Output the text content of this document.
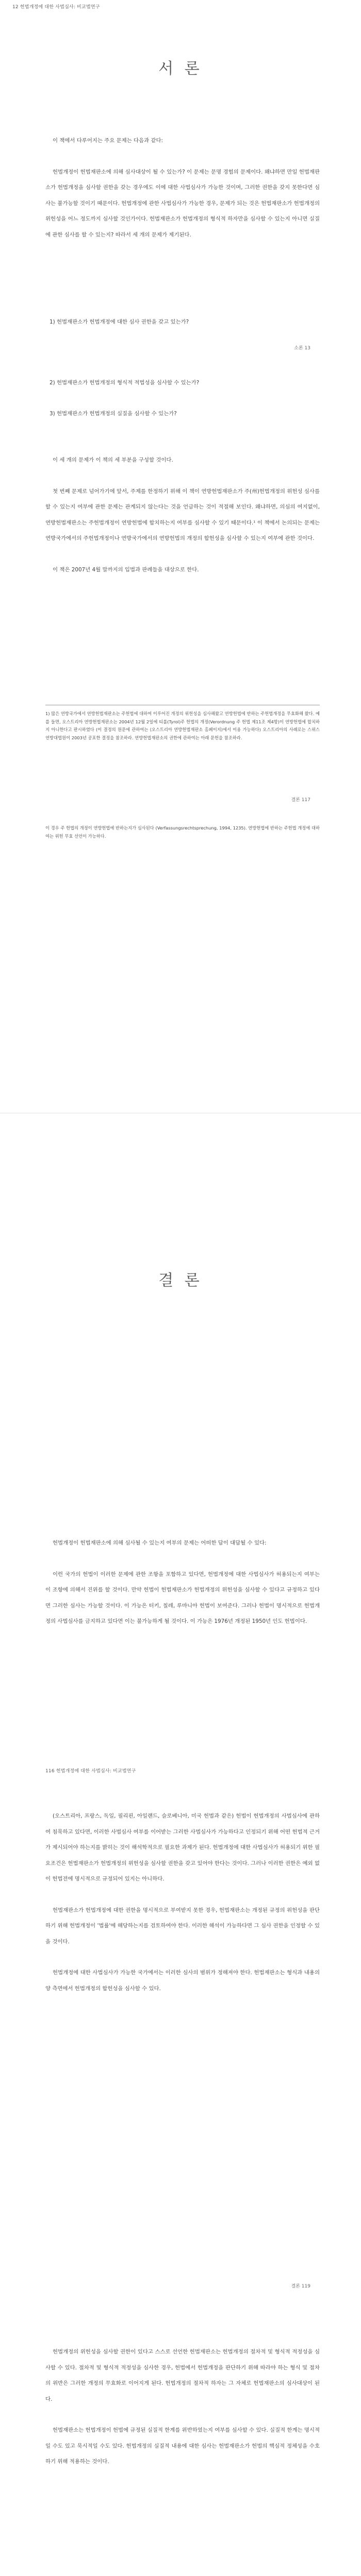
12 헌법개정에 대한 사법심사: 비교법연구
서 론

이 책에서 다루어지는 주요 문제는 다음과 같다:

헌법개정이 헌법재판소에 의해 심사대상이 될 수 있는가? 이 문제는 문명 경험의 문제이다. 왜냐하면 만일 헌법재판소가 헌법개정을 심사할 권한을 갖는 경우에도 이에 대한 사법심사가 가능한 것이며, 그러한 권한을 갖지 못한다면 심사는 불가능할 것이기 때문이다. 헌법개정에 관한 사법심사가 가능한 경우, 문제가 되는 것은 헌법재판소가 헌법개정의 위헌성을 어느 정도까지 심사할 것인가이다. 헌법재판소가 헌법개정의 형식적 하자만을 심사할 수 있는지 아니면 실질에 관한 심사를 할 수 있는지? 따라서 세 개의 문제가 제기된다.

1) 헌법재판소가 헌법개정에 대한 심사 권한을 갖고 있는가?

소론 13

2) 헌법재판소가 헌법개정의 형식적 적법성을 심사할 수 있는가?

3) 헌법재판소가 헌법개정의 실질을 심사할 수 있는가?

이 세 개의 문제가 이 책의 세 부분을 구성할 것이다.

첫 번째 문제로 넘어가기에 앞서, 주제를 한정하기 위해 이 책이 연방헌법재판소가 주(州)헌법개정의 위헌성 심사를 할 수 있는지 여부에 관한 문제는 관계되지 않는다는 것을 언급하는 것이 적절해 보인다. 왜냐하면, 의심의 여지없이, 연방헌법재판소는 주헌법개정이 연방헌법에 합치하는지 여부를 심사할 수 있기 때문이다.¹ 이 책에서 논의되는 문제는 연방국가에서의 주헌법개정이나 연방국가에서의 연방헌법의 개정의 합헌성을 심사할 수 있는지 여부에 관한 것이다.

이 책은 2007년 4월 말까지의 입법과 판례들을 대상으로 한다.

1) 많은 연방국가에서 연방헌법재판소는 주헌법에 대하여 이루어진 개정의 위헌성을 심사해왔고 연방헌법에 반하는 주헌법개정을 무효화해 왔다. 예를 들면, 오스트리아 연방헌법재판소는 2004년 12월 2일에 티롤(Tyrol)주 헌법의 개정(Verordnung 주 헌법 제11조 제4항)이 연방헌법에 합치하지 아니한다고 판시하였다 (이 결정의 원문에 관하여는 ⟨오스트리아 연방헌법재판소 홈페이지⟩에서 이용 가능하다) 오스트리아의 사례로는 스위스 연방대법원이 2003년 공포한 결정을 참조하라. 연방헌법재판소의 권한에 관하여는 아래 문헌을 참조하라.
결론 117
이 경우 주 헌법의 개정이 연방헌법에 반하는지가 심사된다 (Verfassungsrechtsprechung, 1994, 1235). 연방헌법에 반하는 주헌법 개정에 대하여는 위헌 무효 선언이 가능하다.
결 론

헌법개정이 헌법재판소에 의해 심사될 수 있는지 여부의 문제는 어떠한 답이 대답될 수 있다:

이런 국가의 헌법이 이러한 문제에 관한 조항을 포함하고 있다면, 헌법개정에 대한 사법심사가 허용되는지 여부는 이 조항에 의해서 진위를 할 것이다. 만약 헌법이 헌법재판소가 헌법개정의 위헌성을 심사할 수 있다고 규정하고 있다면 그러한 심사는 가능할 것이다. 이 가능은 터키, 칠레, 루마니아 헌법이 보여준다. 그러나 헌법이 명시적으로 헌법개정의 사법심사를 금지하고 있다면 이는 불가능하게 될 것이다. 이 가능은 1976년 개정된 1950년 인도 헌법이다.

116 헌법개정에 대한 사법심사: 비교법연구

(오스트리아, 프랑스, 독일, 필리핀, 아일랜드, 슬로베니아, 미국 헌법과 같은) 헌법이 헌법개정의 사법심사에 관하여 침묵하고 있다면, 이러한 사법심사 여부를 이어받는 그러한 사법심사가 가능하다고 인정되기 위해 어떤 헌법적 근거가 제시되어야 하는지를 밝히는 것이 해석학적으로 필요한 과제가 된다. 헌법개정에 대한 사법심사가 허용되기 위한 필요조건은 헌법재판소가 헌법개정의 위헌성을 심사할 권한을 갖고 있어야 한다는 것이다. 그러나 이러한 권한은 예외 없이 헌법전에 명시적으로 규정되어 있지는 아니하다.

헌법재판소가 헌법개정에 대한 권한을 명시적으로 부여받지 못한 경우, 헌법재판소는 개정된 규정의 위헌성을 판단하기 위해 헌법개정이 '법률'에 해당하는지를 검토하여야 한다. 이러한 해석이 가능하다면 그 심사 권한을 인정할 수 있을 것이다.

헌법개정에 대한 사법심사가 가능한 국가에서는 이러한 심사의 범위가 정해져야 한다. 헌법재판소는 형식과 내용의 양 측면에서 헌법개정의 합헌성을 심사할 수 있다.

결론 119

헌법개정의 위헌성을 심사할 권한이 있다고 스스로 선언한 헌법재판소는 헌법개정의 절차적 및 형식적 적정성을 심사할 수 있다. 절차적 및 형식적 적정성을 심사한 경우, 헌법에서 헌법개정을 판단하기 위해 따라야 하는 형식 및 절차의 위반은 그러한 개정의 무효화로 이어지게 된다. 헌법개정의 절차적 하자는 그 자체로 헌법재판소의 심사대상이 된다.

헌법재판소는 헌법개정이 헌법에 규정된 실질적 한계를 위반하였는지 여부를 심사할 수 있다. 실질적 한계는 명시적일 수도 있고 묵시적일 수도 있다. 헌법개정의 실질적 내용에 대한 심사는 헌법재판소가 헌법의 핵심적 정체성을 수호하기 위해 적용하는 것이다.
